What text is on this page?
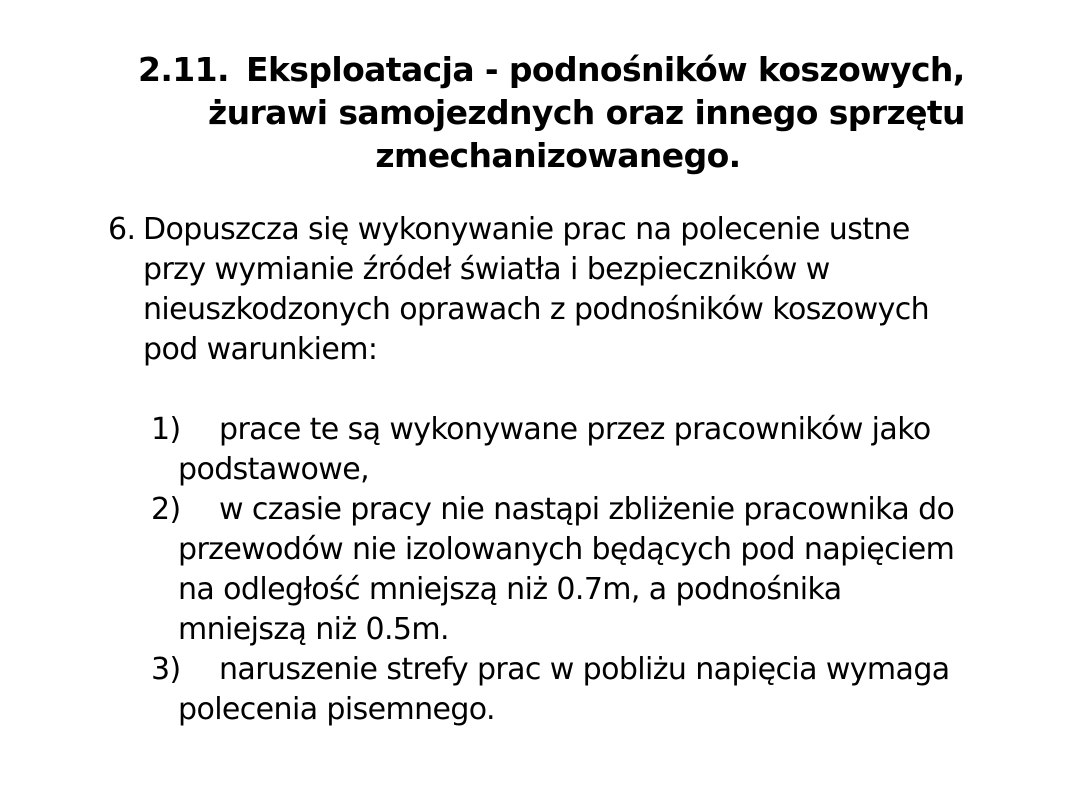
2.11. Eksploatacja - podnośników koszowych,
żurawi samojezdnych oraz innego sprzętu
zmechanizowanego.
6. Dopuszcza się wykonywanie prac na polecenie ustne
przy wymianie źródeł światła i bezpieczników w
nieuszkodzonych oprawach z podnośników koszowych
pod warunkiem:
1)	prace te są wykonywane przez pracowników jako
podstawowe,
2)	w czasie pracy nie nastąpi zbliżenie pracownika do
przewodów nie izolowanych będących pod napięciem
na odległość mniejszą niż 0.7m, a podnośnika
mniejszą niż 0.5m.
3)	naruszenie strefy prac w pobliżu napięcia wymaga
polecenia pisemnego.
